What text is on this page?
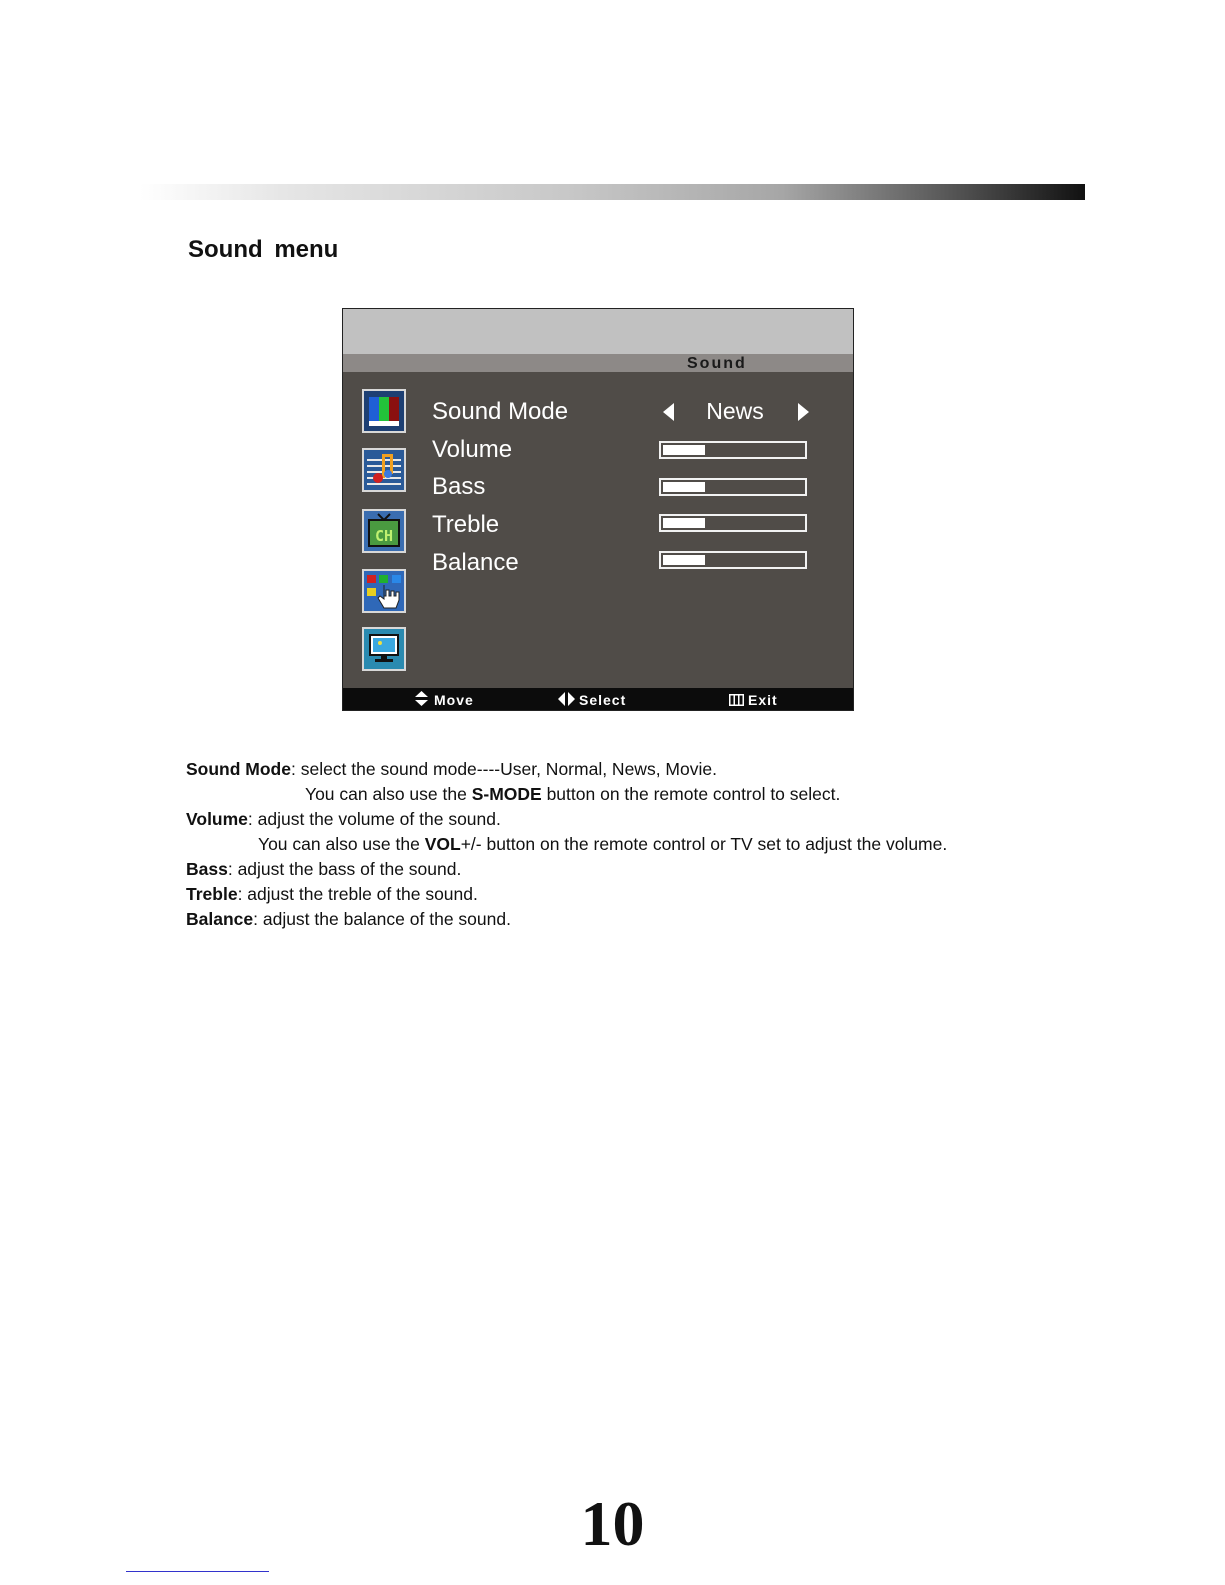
Sound menu
Sound
CH
Sound Mode	News
Volume
Bass
Treble
Balance
Move	Select	Exit
Sound Mode: select the sound mode----User, Normal, News, Movie.
You can also use the S-MODE button on the remote control to select.
Volume: adjust the volume of the sound.
You can also use the VOL+/- button on the remote control or TV set to adjust the volume.
Bass: adjust the bass of the sound.
Treble: adjust the treble of the sound.
Balance: adjust the balance of the sound.
10
